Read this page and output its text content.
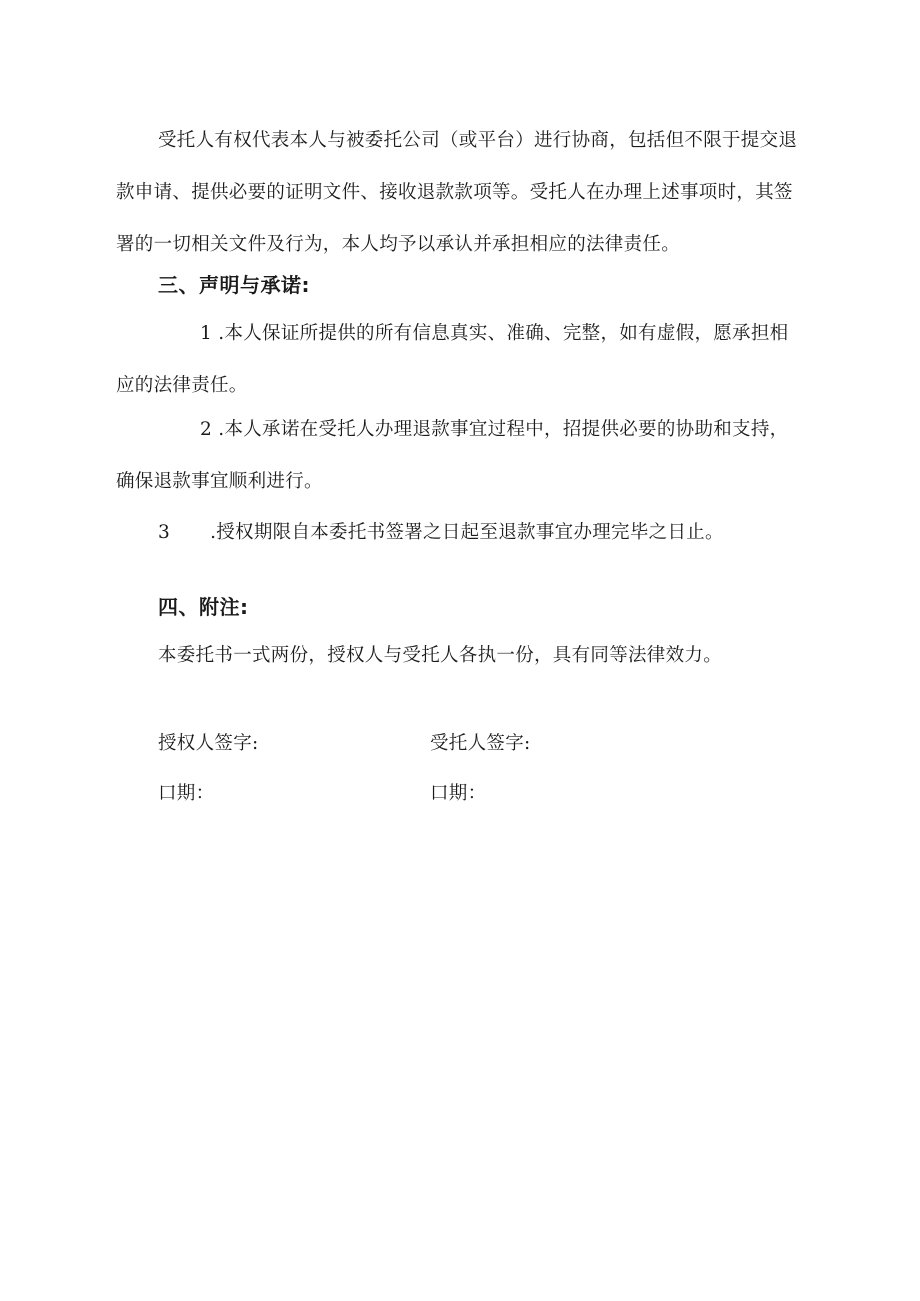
受托人有权代表本人与被委托公司（或平台）进行协商，包括但不限于提交退款申请、提供必要的证明文件、接收退款款项等。受托人在办理上述事项时，其签署的一切相关文件及行为，本人均予以承认并承担相应的法律责任。

三、声明与承诺:

1 .本人保证所提供的所有信息真实、准确、完整，如有虚假，愿承担相应的法律责任。

2 .本人承诺在受托人办理退款事宜过程中，招提供必要的协助和支持，确保退款事宜顺利进行。

3 .授权期限自本委托书签署之日起至退款事宜办理完毕之日止。

四、附注:

本委托书一式两份，授权人与受托人各执一份，具有同等法律效力。

授权人签字:	受托人签字:

口期：	口期：
